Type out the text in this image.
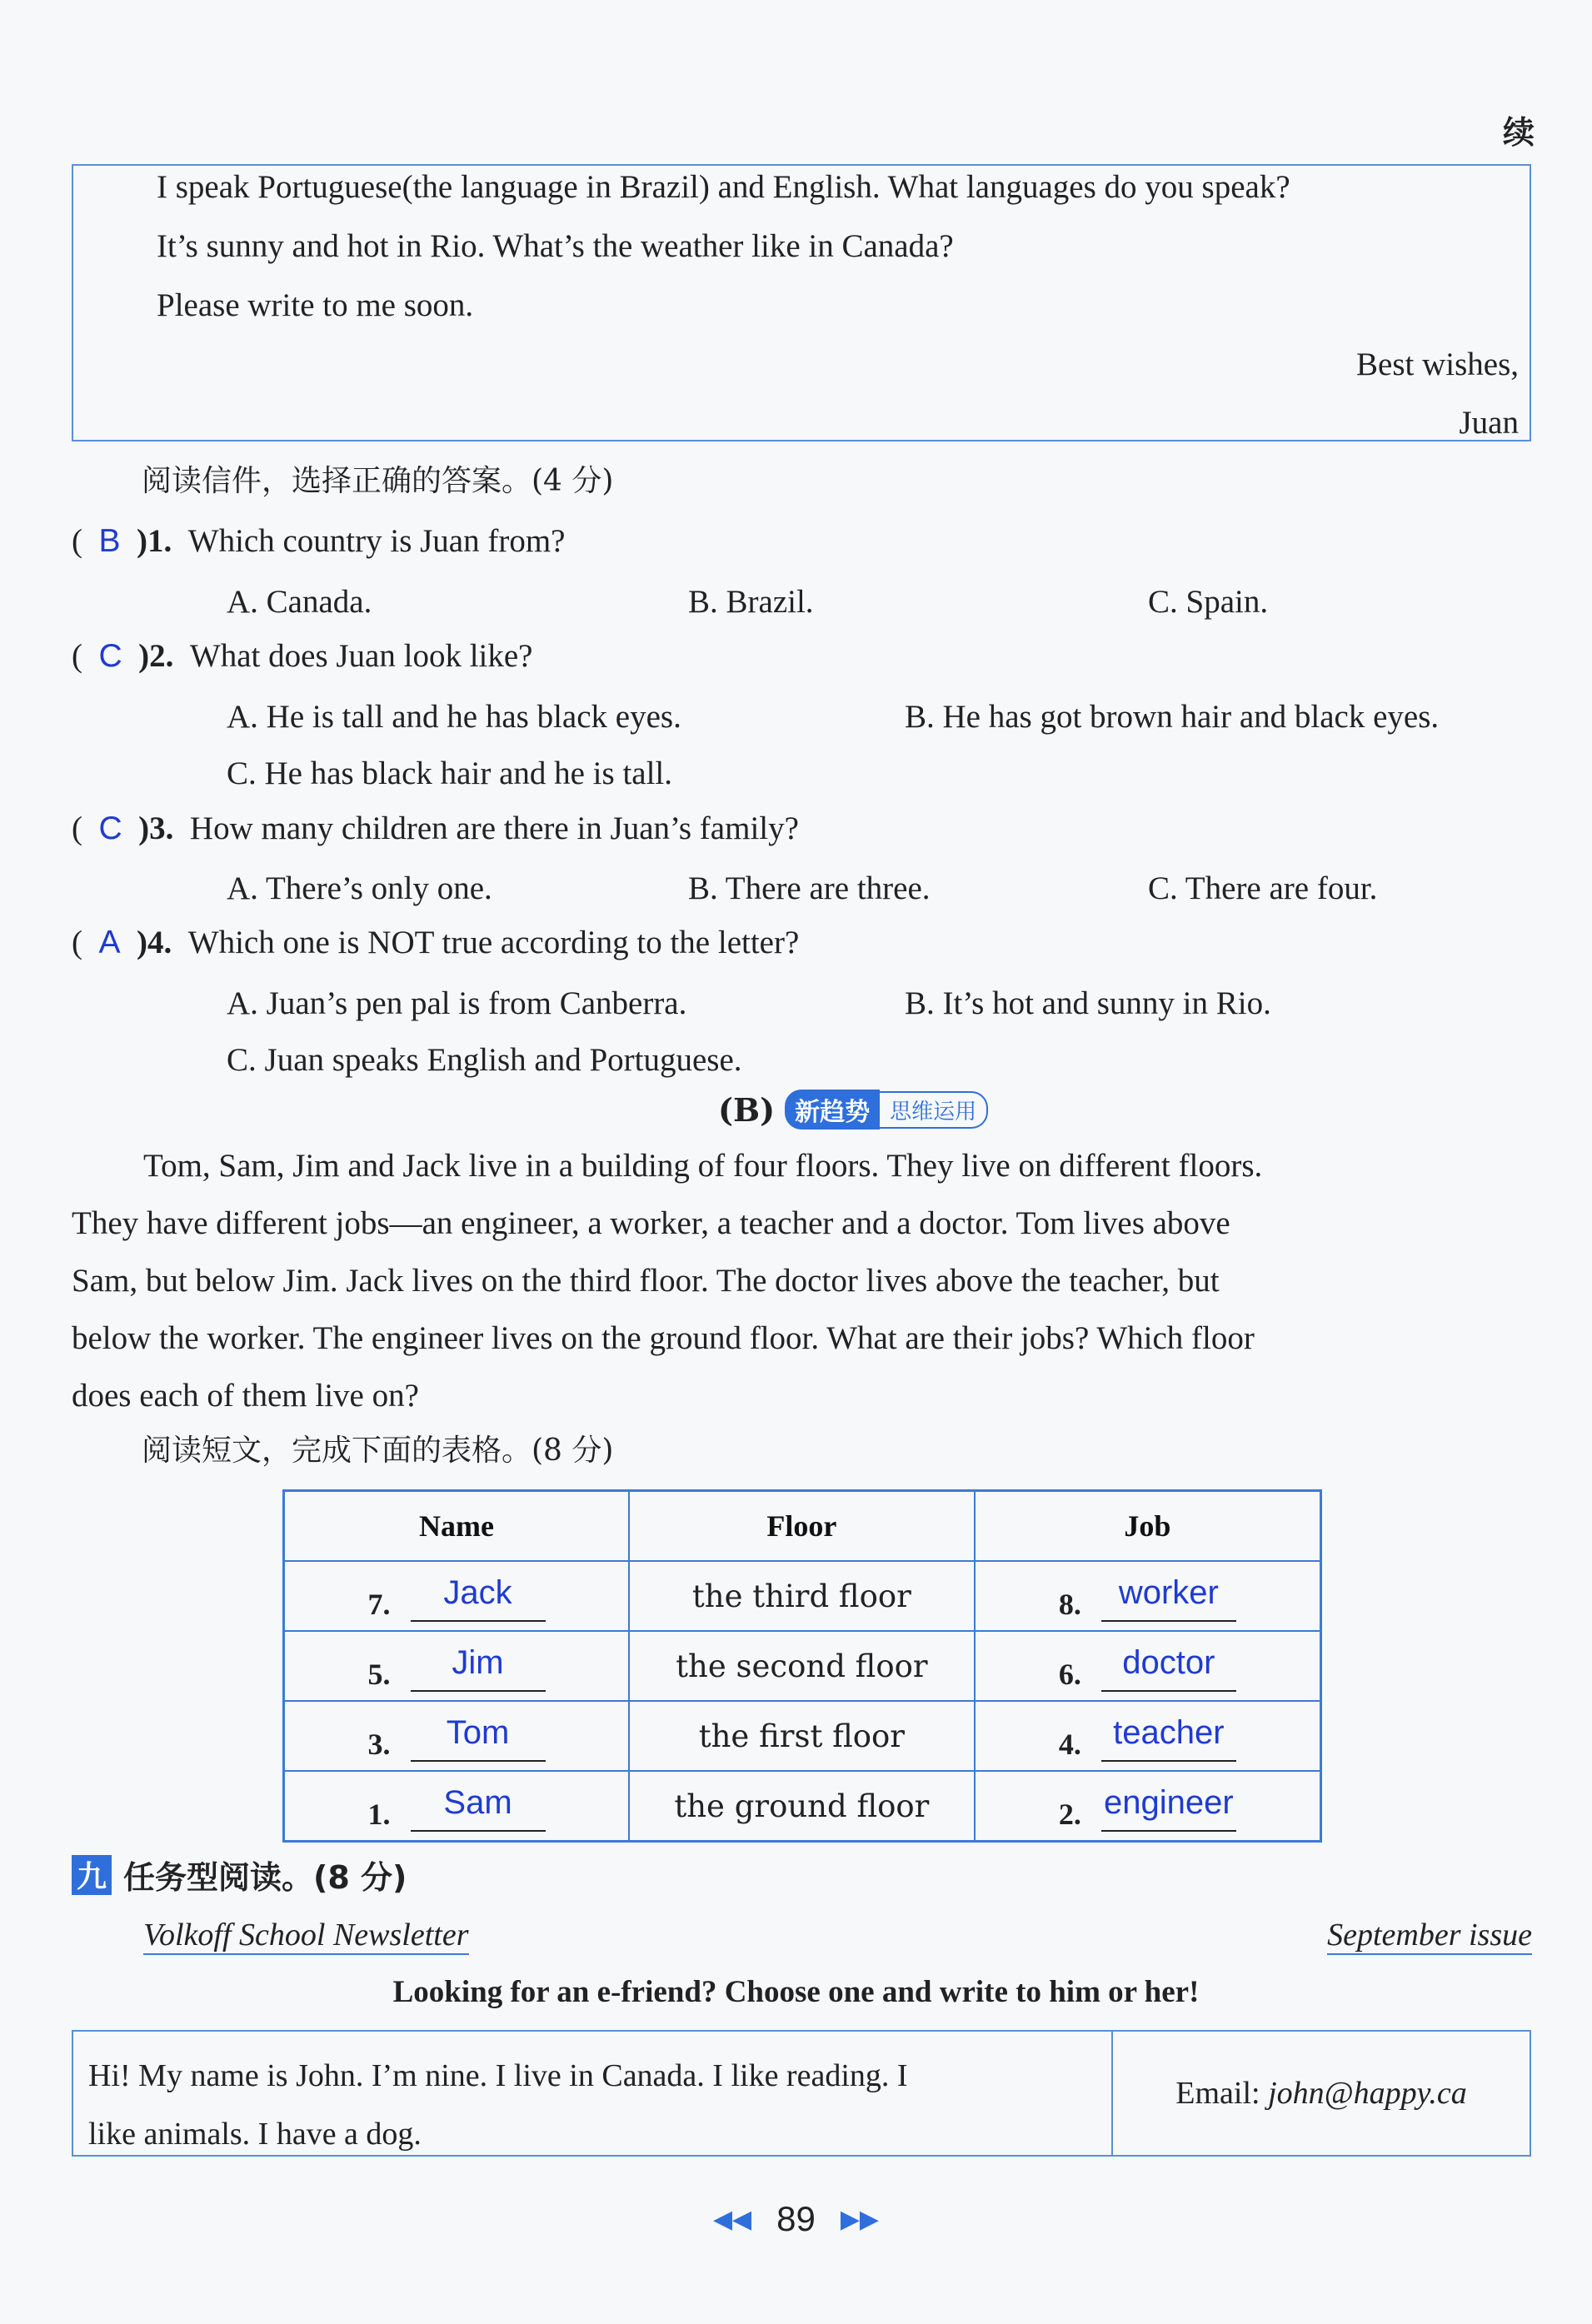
续
I speak Portuguese(the language in Brazil) and English. What languages do you speak?
It’s sunny and hot in Rio. What’s the weather like in Canada?
Please write to me soon.
Best wishes,
Juan
阅读信件，选择正确的答案。(4 分)
(  B )1. Which country is Juan from?
A. Canada.	B. Brazil.	C. Spain.
(  C )2. What does Juan look like?
A. He is tall and he has black eyes.	B. He has got brown hair and black eyes.
C. He has black hair and he is tall.
(  C )3. How many children are there in Juan’s family?
A. There’s only one.	B. There are three.	C. There are four.
(  A )4. Which one is NOT true according to the letter?
A. Juan’s pen pal is from Canberra.	B. It’s hot and sunny in Rio.
C. Juan speaks English and Portuguese.
(B) 新趋势 思维运用
Tom, Sam, Jim and Jack live in a building of four floors. They live on different floors.
They have different jobs—an engineer, a worker, a teacher and a doctor. Tom lives above
Sam, but below Jim. Jack lives on the third floor. The doctor lives above the teacher, but
below the worker. The engineer lives on the ground floor. What are their jobs? Which floor
does each of them live on?
阅读短文，完成下面的表格。(8 分)
Name	Floor	Job

7. Jack	the third floor	8. worker

5. Jim	the second floor	6. doctor

3. Tom	the first floor	4. teacher

1. Sam	the ground floor	2. engineer
九 任务型阅读。(8 分)
Volkoff School Newsletter	September issue
Looking for an e-friend? Choose one and write to him or her!
Hi! My name is John. I’m nine. I live in Canada. I like reading. I
like animals. I have a dog.
Email:
john@happy.ca
◀◀ 89 ▶▶
